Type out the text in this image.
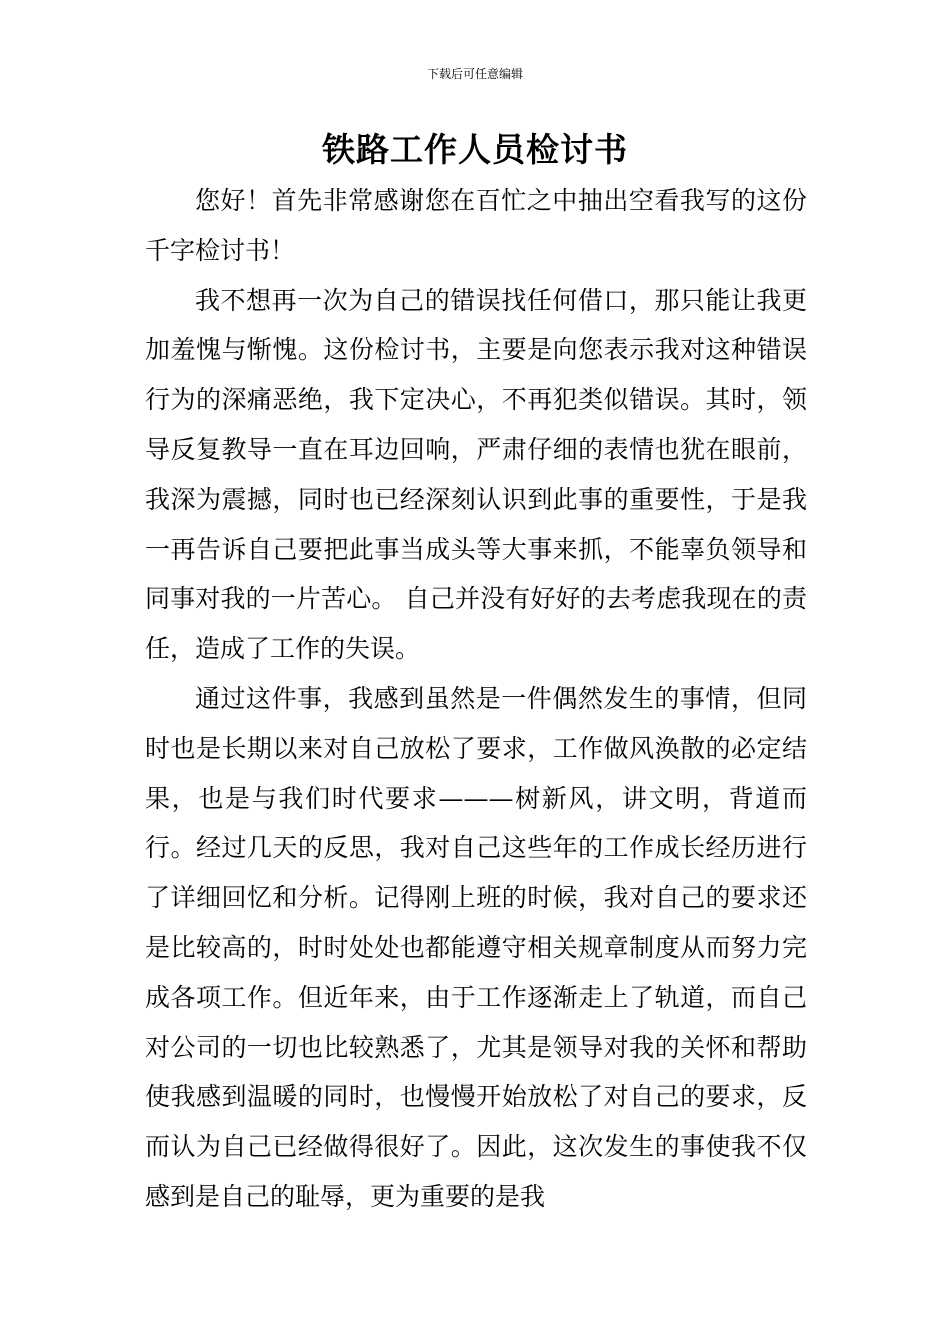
下载后可任意编辑
铁路工作人员检讨书

您好！首先非常感谢您在百忙之中抽出空看我写的这份千字检讨书！

我不想再一次为自己的错误找任何借口，那只能让我更加羞愧与惭愧。这份检讨书，主要是向您表示我对这种错误行为的深痛恶绝，我下定决心，不再犯类似错误。其时，领导反复教导一直在耳边回响，严肃仔细的表情也犹在眼前，我深为震撼，同时也已经深刻认识到此事的重要性，于是我一再告诉自己要把此事当成头等大事来抓，不能辜负领导和同事对我的一片苦心。 自己并没有好好的去考虑我现在的责任，造成了工作的失误。

通过这件事，我感到虽然是一件偶然发生的事情，但同时也是长期以来对自己放松了要求，工作做风涣散的必定结果，也是与我们时代要求———树新风，讲文明，背道而行。经过几天的反思，我对自己这些年的工作成长经历进行了详细回忆和分析。记得刚上班的时候，我对自己的要求还是比较高的，时时处处也都能遵守相关规章制度从而努力完成各项工作。但近年来，由于工作逐渐走上了轨道，而自己对公司的一切也比较熟悉了，尤其是领导对我的关怀和帮助使我感到温暖的同时，也慢慢开始放松了对自己的要求，反而认为自己已经做得很好了。因此，这次发生的事使我不仅感到是自己的耻辱，更为重要的是我
